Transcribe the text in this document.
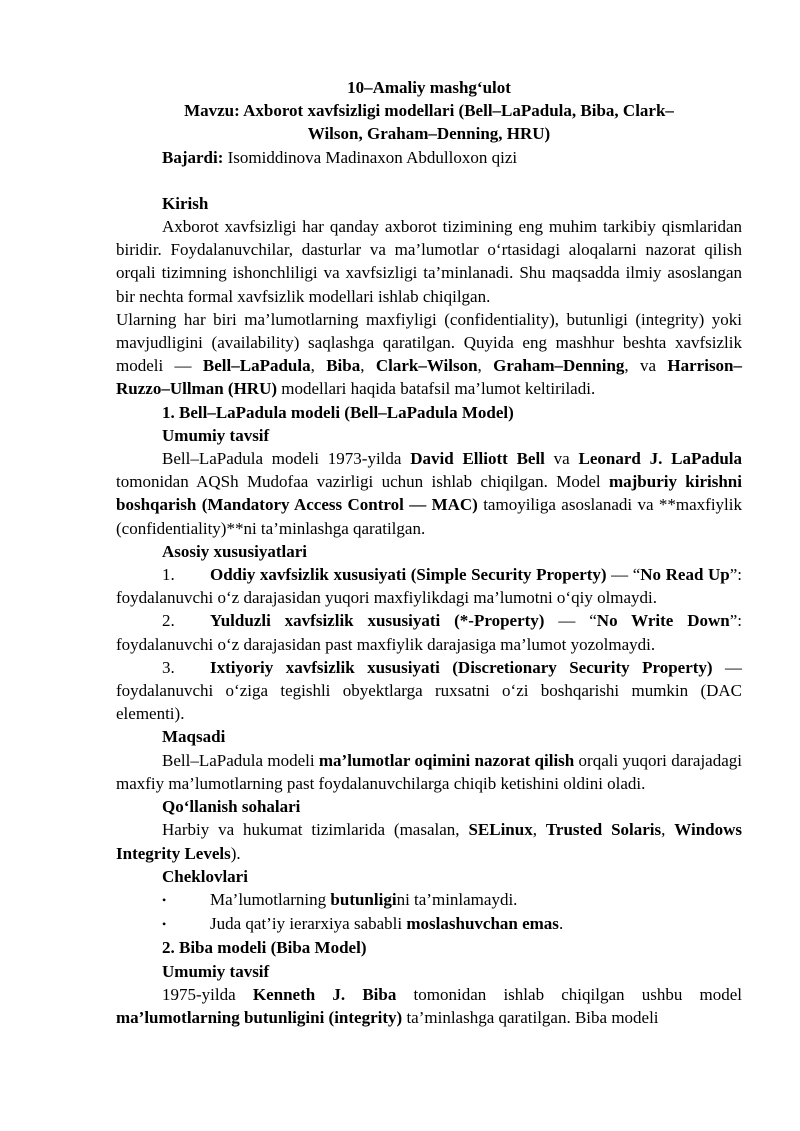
10–Amaliy mashg‘ulot
Mavzu: Axborot xavfsizligi modellari (Bell–LaPadula, Biba, Clark–
Wilson, Graham–Denning, HRU)

Bajardi: Isomiddinova Madinaxon Abdulloxon qizi

Kirish

Axborot xavfsizligi har qanday axborot tizimining eng muhim tarkibiy qismlaridan biridir. Foydalanuvchilar, dasturlar va ma’lumotlar o‘rtasidagi aloqalarni nazorat qilish orqali tizimning ishonchliligi va xavfsizligi ta’minlanadi. Shu maqsadda ilmiy asoslangan bir nechta formal xavfsizlik modellari ishlab chiqilgan.

Ularning har biri ma’lumotlarning maxfiyligi (confidentiality), butunligi (integrity) yoki mavjudligini (availability) saqlashga qaratilgan. Quyida eng mashhur beshta xavfsizlik modeli — Bell–LaPadula, Biba, Clark–Wilson, Graham–Denning, va Harrison–Ruzzo–Ullman (HRU) modellari haqida batafsil ma’lumot keltiriladi.

1. Bell–LaPadula modeli (Bell–LaPadula Model)

Umumiy tavsif

Bell–LaPadula modeli 1973-yilda David Elliott Bell va Leonard J. LaPadula tomonidan AQSh Mudofaa vazirligi uchun ishlab chiqilgan. Model majburiy kirishni boshqarish (Mandatory Access Control — MAC) tamoyiliga asoslanadi va **maxfiylik (confidentiality)**ni ta’minlashga qaratilgan.

Asosiy xususiyatlari

1. Oddiy xavfsizlik xususiyati (Simple Security Property) — “No Read Up”: foydalanuvchi o‘z darajasidan yuqori maxfiylikdagi ma’lumotni o‘qiy olmaydi.

2. Yulduzli xavfsizlik xususiyati (*-Property) — “No Write Down”: foydalanuvchi o‘z darajasidan past maxfiylik darajasiga ma’lumot yozolmaydi.

3. Ixtiyoriy xavfsizlik xususiyati (Discretionary Security Property) — foydalanuvchi o‘ziga tegishli obyektlarga ruxsatni o‘zi boshqarishi mumkin (DAC elementi).

Maqsadi

Bell–LaPadula modeli ma’lumotlar oqimini nazorat qilish orqali yuqori darajadagi maxfiy ma’lumotlarning past foydalanuvchilarga chiqib ketishini oldini oladi.

Qo‘llanish sohalari

Harbiy va hukumat tizimlarida (masalan, SELinux, Trusted Solaris, Windows Integrity Levels).

Cheklovlari

•	Ma’lumotlarning butunligini ta’minlamaydi.

•	Juda qat’iy ierarxiya sababli moslashuvchan emas.

2. Biba modeli (Biba Model)

Umumiy tavsif

1975-yilda Kenneth J. Biba tomonidan ishlab chiqilgan ushbu model ma’lumotlarning butunligini (integrity) ta’minlashga qaratilgan. Biba modeli
